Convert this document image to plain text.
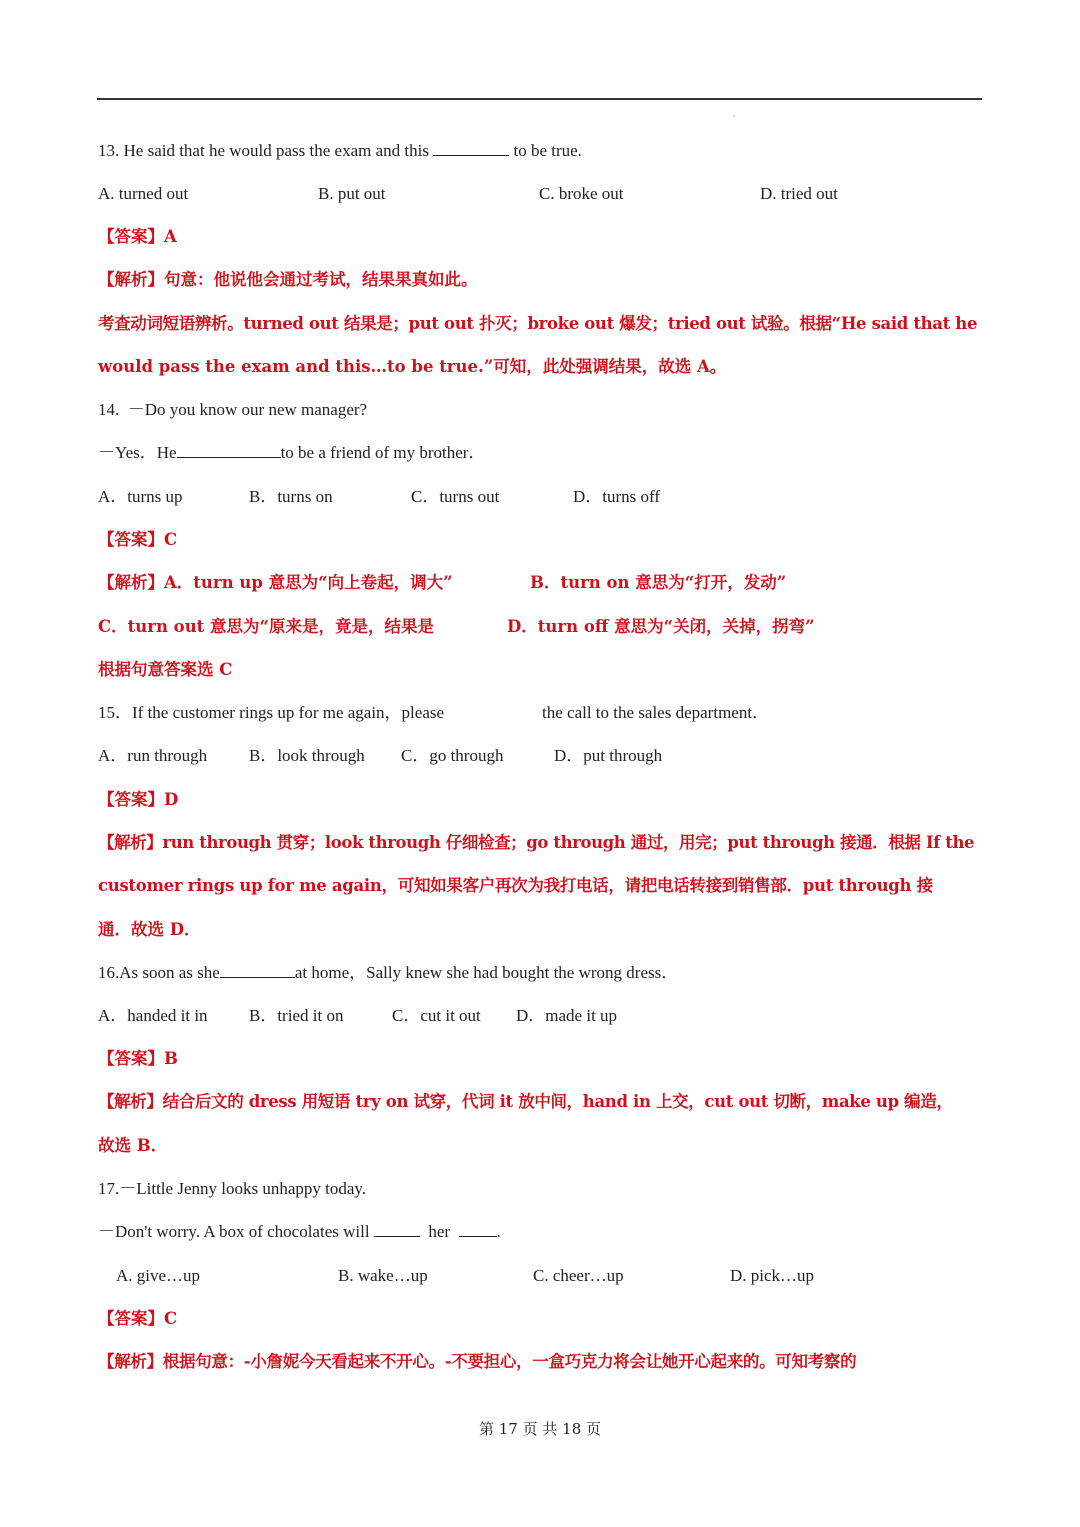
'
13. He said that he would pass the exam and this	to be true.
A. turned out	B. put out	C. broke out	D. tried out
【答案】A
【解析】句意：他说他会通过考试，结果果真如此。
考查动词短语辨析。turned out 结果是；put out 扑灭；broke out 爆发；tried out 试验。根据“He said that he
would pass the exam and this…to be true.”可知，此处强调结果，故选 A。
14.  －Do you know our new manager?
－Yes．He	to be a friend of my brother．
A．turns up	B．turns on	C．turns out	D．turns off
【答案】C
【解析】A．turn up 意思为“向上卷起，调大”	B．turn on 意思为“打开，发动”
C．turn out 意思为“原来是，竟是，结果是	D．turn off 意思为“关闭，关掉，拐弯”
根据句意答案选 C
15．If the customer rings up for me again，please	the call to the sales department．
A．run through B．look through C．go through	D．put through
【答案】D
【解析】run through 贯穿；look through 仔细检查；go through 通过，用完；put through 接通．根据 If the
customer rings up for me again，可知如果客户再次为我打电话，请把电话转接到销售部．put through 接
通．故选 D．
16.As soon as she	at home，Sally knew she had bought the wrong dress．
A．handed it in B．tried it on	C．cut it out D．made it up
【答案】B
【解析】结合后文的 dress 用短语 try on 试穿，代词 it 放中间，hand in 上交，cut out 切断，make up 编造，
故选 B．
17.－Little Jenny looks unhappy today.
－Don't worry. A box of chocolates will	her	.
A. give…up	B. wake…up	C. cheer…up	D. pick…up
【答案】C
【解析】根据句意：-小詹妮今天看起来不开心。-不要担心，一盒巧克力将会让她开心起来的。可知考察的
第 17 页 共 18 页
